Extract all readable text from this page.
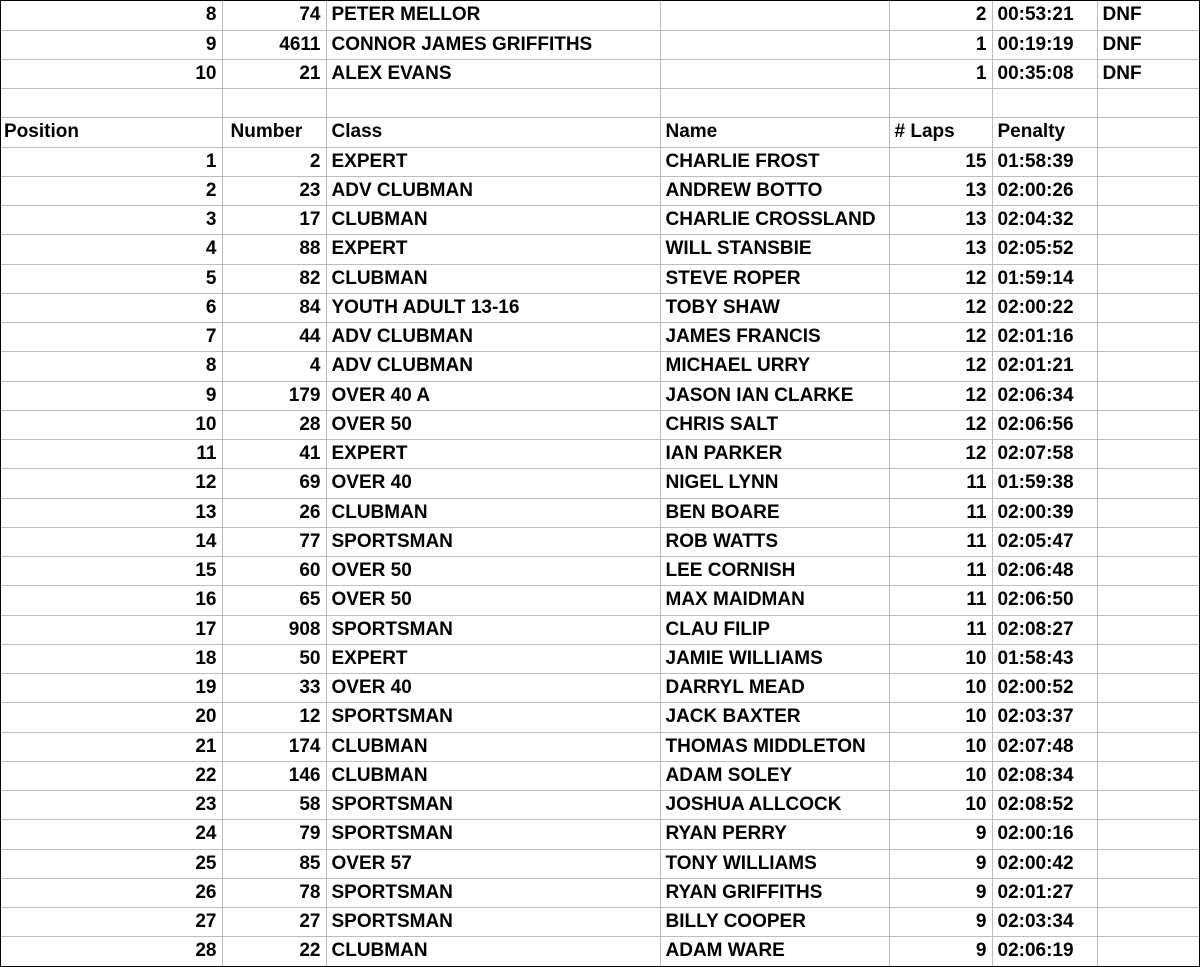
8	74	PETER MELLOR		2	00:53:21	DNF
9	4611	CONNOR JAMES GRIFFITHS		1	00:19:19	DNF
10	21	ALEX EVANS		1	00:35:08	DNF

Position	Number	Class	Name	# Laps	Penalty	
1	2	EXPERT	CHARLIE FROST	15	01:58:39	
2	23	ADV CLUBMAN	ANDREW BOTTO	13	02:00:26	
3	17	CLUBMAN	CHARLIE CROSSLAND	13	02:04:32	
4	88	EXPERT	WILL STANSBIE	13	02:05:52	
5	82	CLUBMAN	STEVE ROPER	12	01:59:14	
6	84	YOUTH ADULT 13-16	TOBY SHAW	12	02:00:22	
7	44	ADV CLUBMAN	JAMES FRANCIS	12	02:01:16	
8	4	ADV CLUBMAN	MICHAEL URRY	12	02:01:21	
9	179	OVER 40 A	JASON IAN CLARKE	12	02:06:34	
10	28	OVER 50	CHRIS SALT	12	02:06:56	
11	41	EXPERT	IAN PARKER	12	02:07:58	
12	69	OVER 40	NIGEL LYNN	11	01:59:38	
13	26	CLUBMAN	BEN BOARE	11	02:00:39	
14	77	SPORTSMAN	ROB WATTS	11	02:05:47	
15	60	OVER 50	LEE CORNISH	11	02:06:48	
16	65	OVER 50	MAX MAIDMAN	11	02:06:50	
17	908	SPORTSMAN	CLAU FILIP	11	02:08:27	
18	50	EXPERT	JAMIE WILLIAMS	10	01:58:43	
19	33	OVER 40	DARRYL MEAD	10	02:00:52	
20	12	SPORTSMAN	JACK BAXTER	10	02:03:37	
21	174	CLUBMAN	THOMAS MIDDLETON	10	02:07:48	
22	146	CLUBMAN	ADAM SOLEY	10	02:08:34	
23	58	SPORTSMAN	JOSHUA ALLCOCK	10	02:08:52	
24	79	SPORTSMAN	RYAN PERRY	9	02:00:16	
25	85	OVER 57	TONY WILLIAMS	9	02:00:42	
26	78	SPORTSMAN	RYAN GRIFFITHS	9	02:01:27	
27	27	SPORTSMAN	BILLY COOPER	9	02:03:34	
28	22	CLUBMAN	ADAM WARE	9	02:06:19	
